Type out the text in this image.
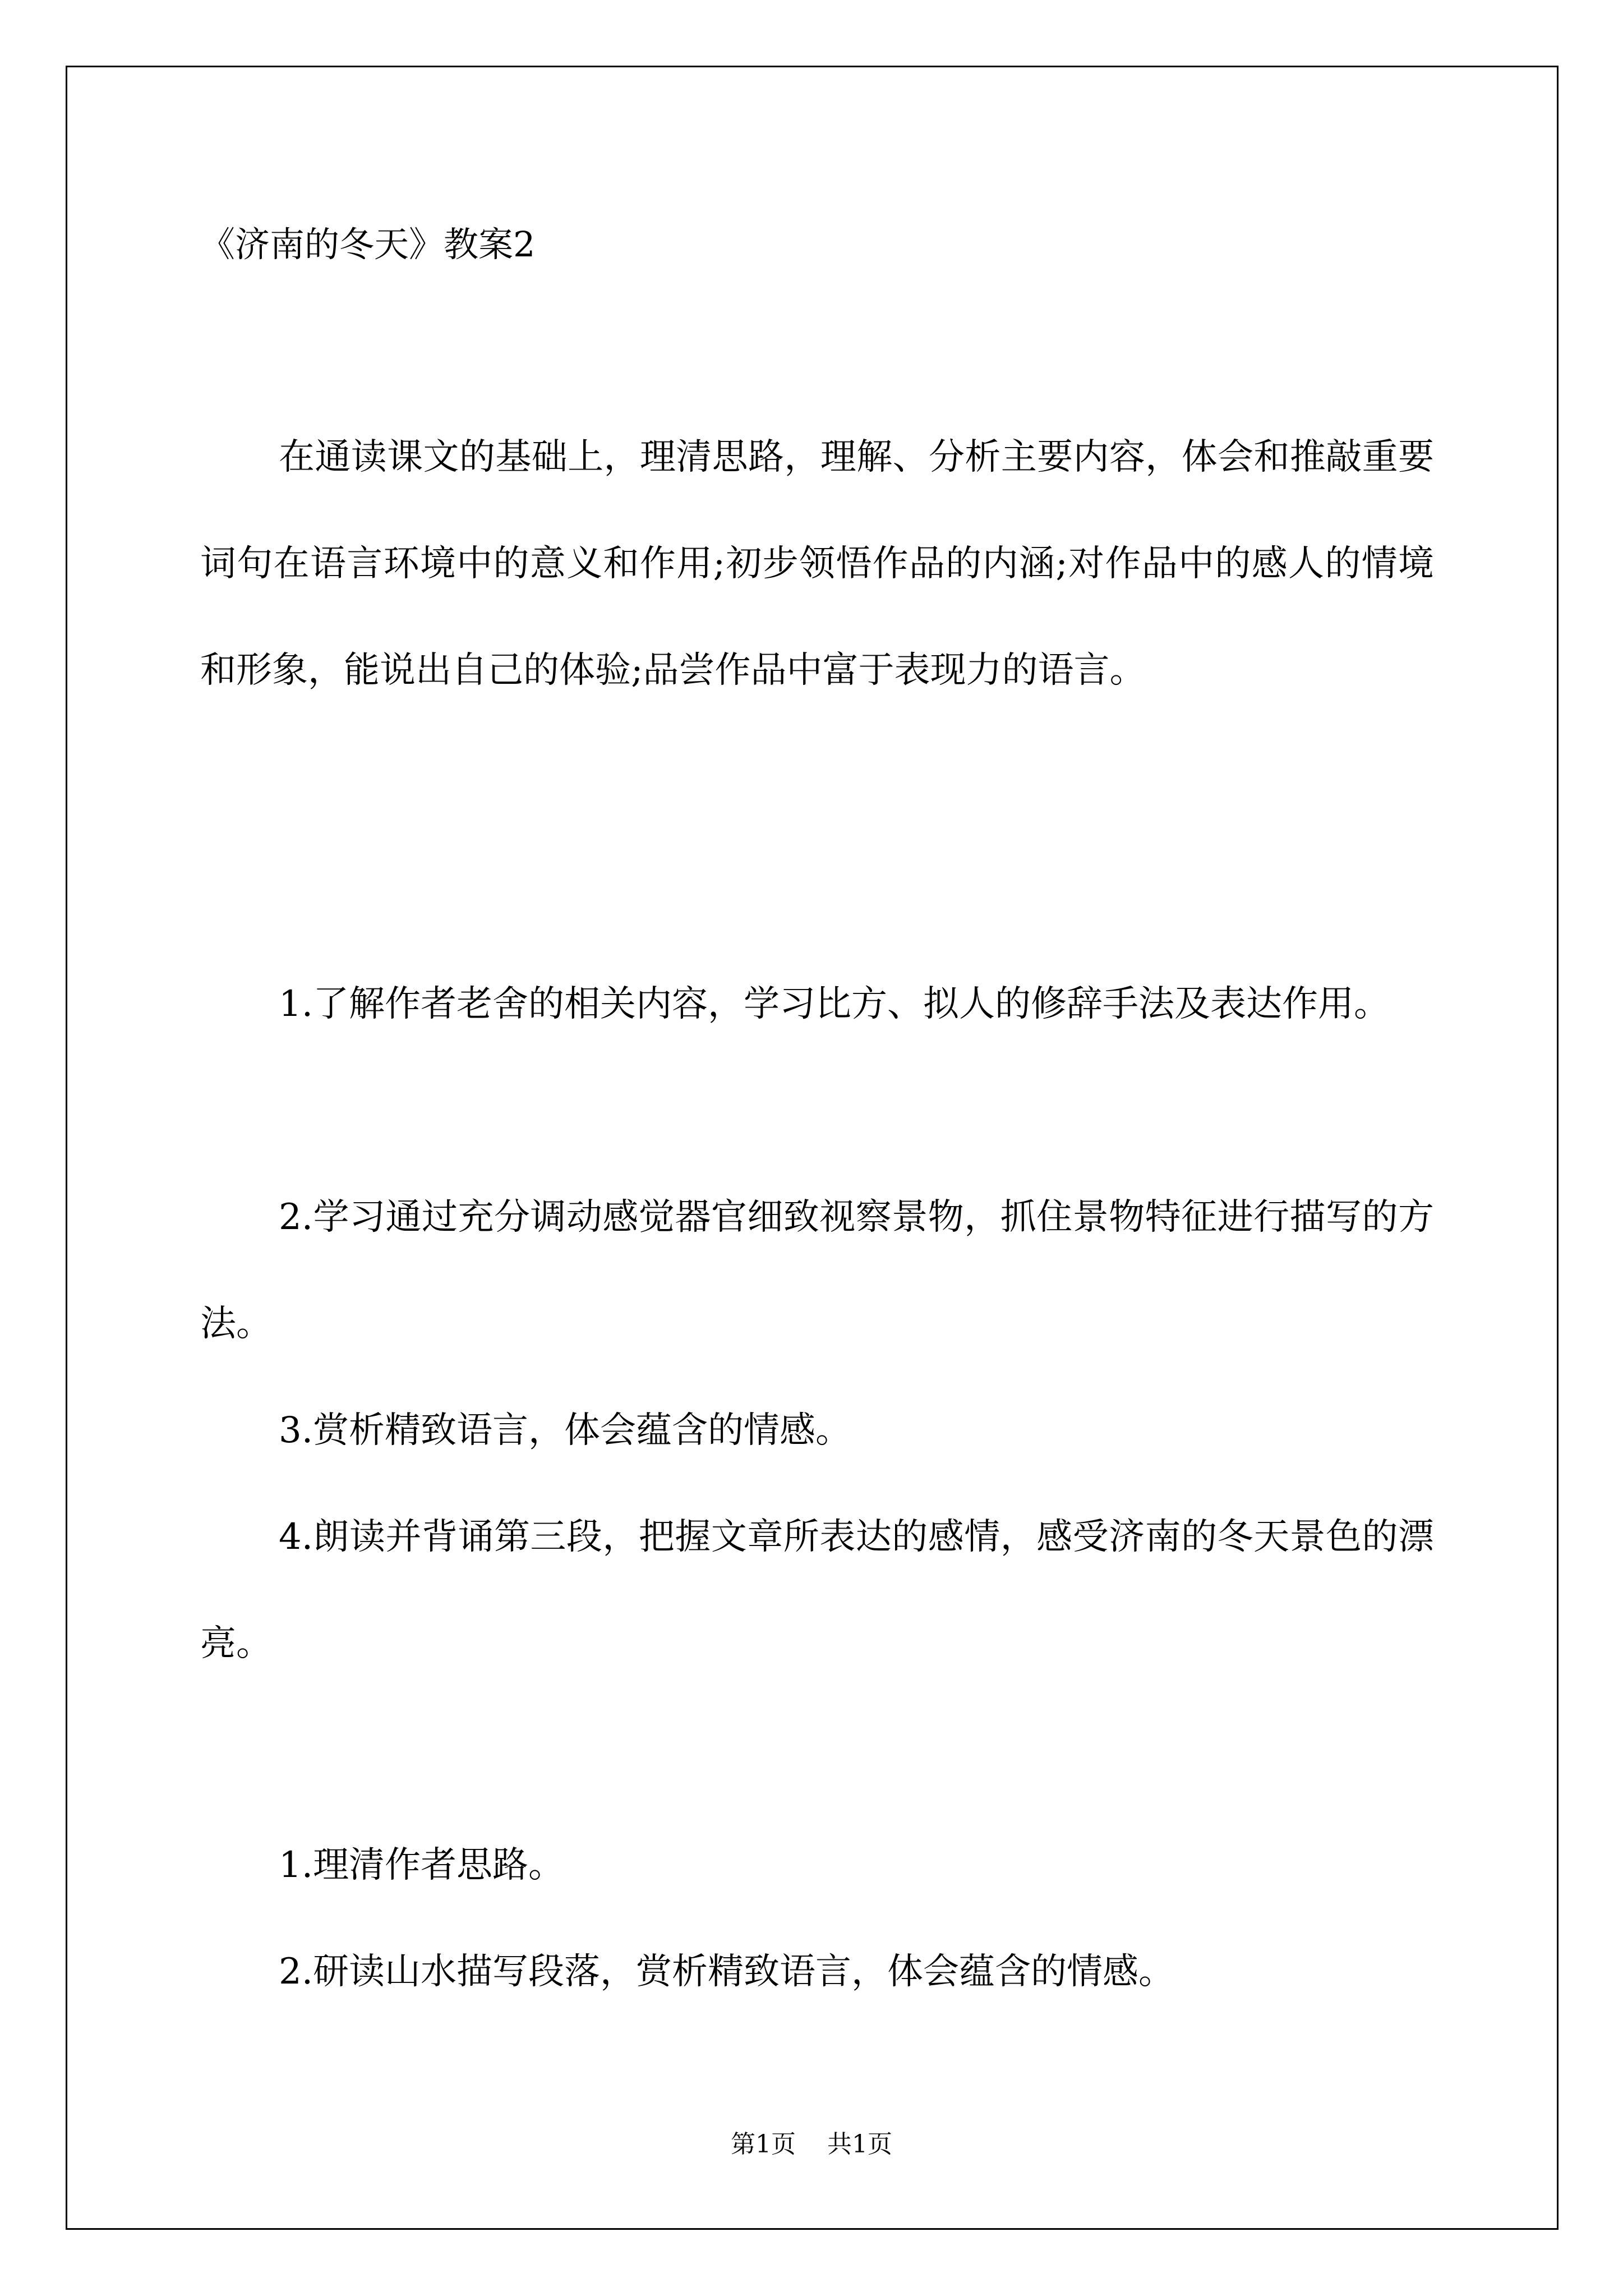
《济南的冬天》教案2

在通读课文的基础上，理清思路，理解、分析主要内容，体会和推敲重要词句在语言环境中的意义和作用;初步领悟作品的内涵;对作品中的感人的情境和形象，能说出自己的体验;品尝作品中富于表现力的语言。

1.了解作者老舍的相关内容，学习比方、拟人的修辞手法及表达作用。

2.学习通过充分调动感觉器官细致视察景物，抓住景物特征进行描写的方法。

3.赏析精致语言，体会蕴含的情感。

4.朗读并背诵第三段，把握文章所表达的感情，感受济南的冬天景色的漂亮。

1.理清作者思路。

2.研读山水描写段落，赏析精致语言，体会蕴含的情感。

第1页 共1页
